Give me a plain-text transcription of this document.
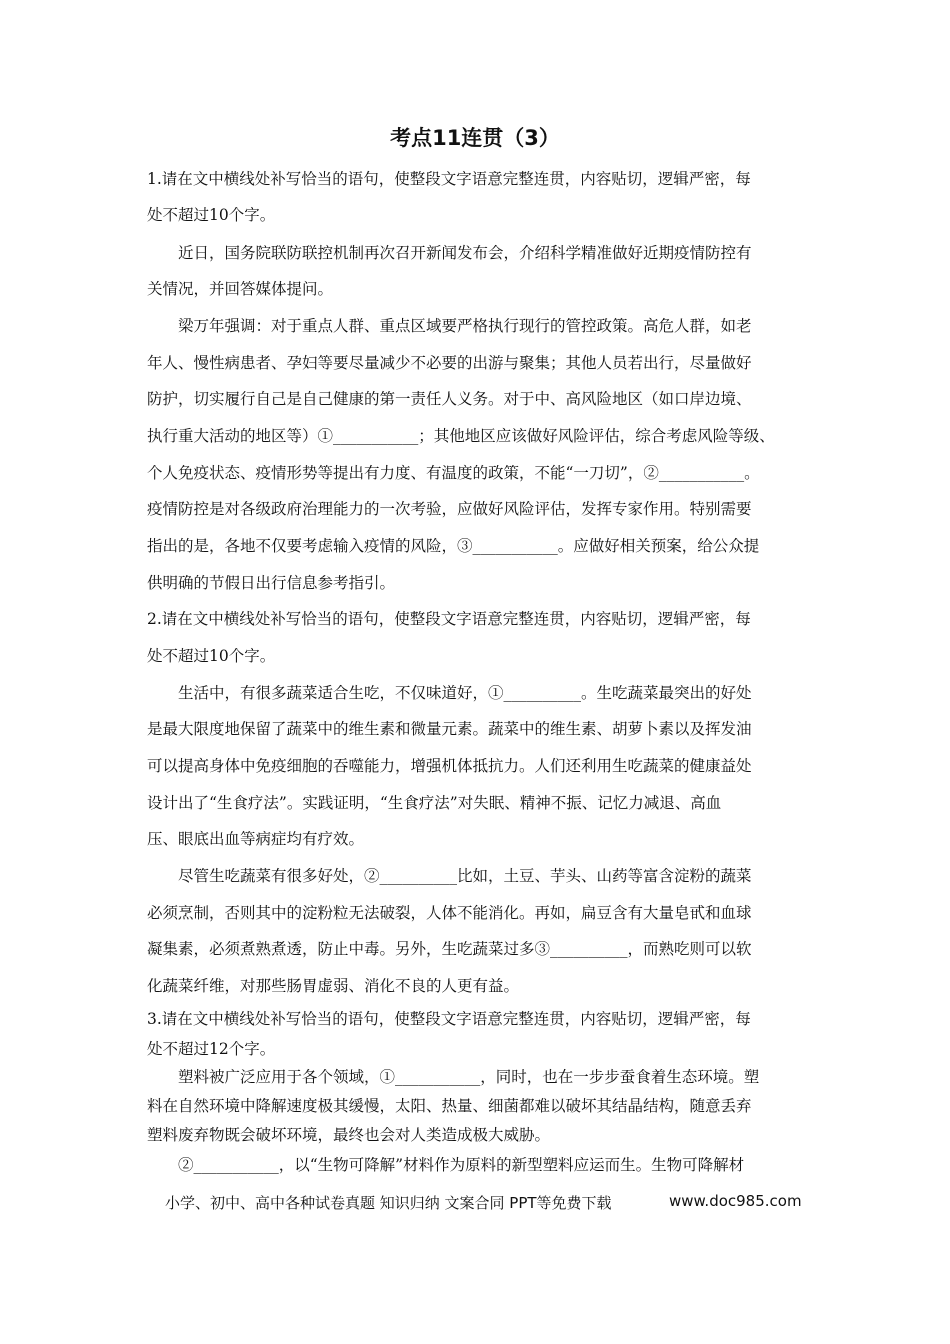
考点11连贯（3）
1.请在文中横线处补写恰当的语句，使整段文字语意完整连贯，内容贴切，逻辑严密，每
处不超过10个字。
近日，国务院联防联控机制再次召开新闻发布会，介绍科学精准做好近期疫情防控有
关情况，并回答媒体提问。
梁万年强调：对于重点人群、重点区域要严格执行现行的管控政策。高危人群，如老
年人、慢性病患者、孕妇等要尽量减少不必要的出游与聚集；其他人员若出行，尽量做好
防护，切实履行自己是自己健康的第一责任人义务。对于中、高风险地区（如口岸边境、
执行重大活动的地区等）①___________；其他地区应该做好风险评估，综合考虑风险等级、
个人免疫状态、疫情形势等提出有力度、有温度的政策，不能“一刀切”，②___________。
疫情防控是对各级政府治理能力的一次考验，应做好风险评估，发挥专家作用。特别需要
指出的是，各地不仅要考虑输入疫情的风险，③___________。应做好相关预案，给公众提
供明确的节假日出行信息参考指引。
2.请在文中横线处补写恰当的语句，使整段文字语意完整连贯，内容贴切，逻辑严密，每
处不超过10个字。
生活中，有很多蔬菜适合生吃，不仅味道好，①__________。生吃蔬菜最突出的好处
是最大限度地保留了蔬菜中的维生素和微量元素。蔬菜中的维生素、胡萝卜素以及挥发油
可以提高身体中免疫细胞的吞噬能力，增强机体抵抗力。人们还利用生吃蔬菜的健康益处
设计出了“生食疗法”。实践证明，“生食疗法”对失眠、精神不振、记忆力减退、高血
压、眼底出血等病症均有疗效。
尽管生吃蔬菜有很多好处，②__________比如，土豆、芋头、山药等富含淀粉的蔬菜
必须烹制，否则其中的淀粉粒无法破裂，人体不能消化。再如，扁豆含有大量皂甙和血球
凝集素，必须煮熟煮透，防止中毒。另外，生吃蔬菜过多③__________，而熟吃则可以软
化蔬菜纤维，对那些肠胃虚弱、消化不良的人更有益。
3.请在文中横线处补写恰当的语句，使整段文字语意完整连贯，内容贴切，逻辑严密，每
处不超过12个字。
塑料被广泛应用于各个领域，①___________，同时，也在一步步蚕食着生态环境。塑
料在自然环境中降解速度极其缓慢，太阳、热量、细菌都难以破坏其结晶结构，随意丢弃
塑料废弃物既会破坏环境，最终也会对人类造成极大威胁。
②___________，以“生物可降解”材料作为原料的新型塑料应运而生。生物可降解材
小学、初中、高中各种试卷真题 知识归纳 文案合同 PPT等免费下载	www.doc985.com
